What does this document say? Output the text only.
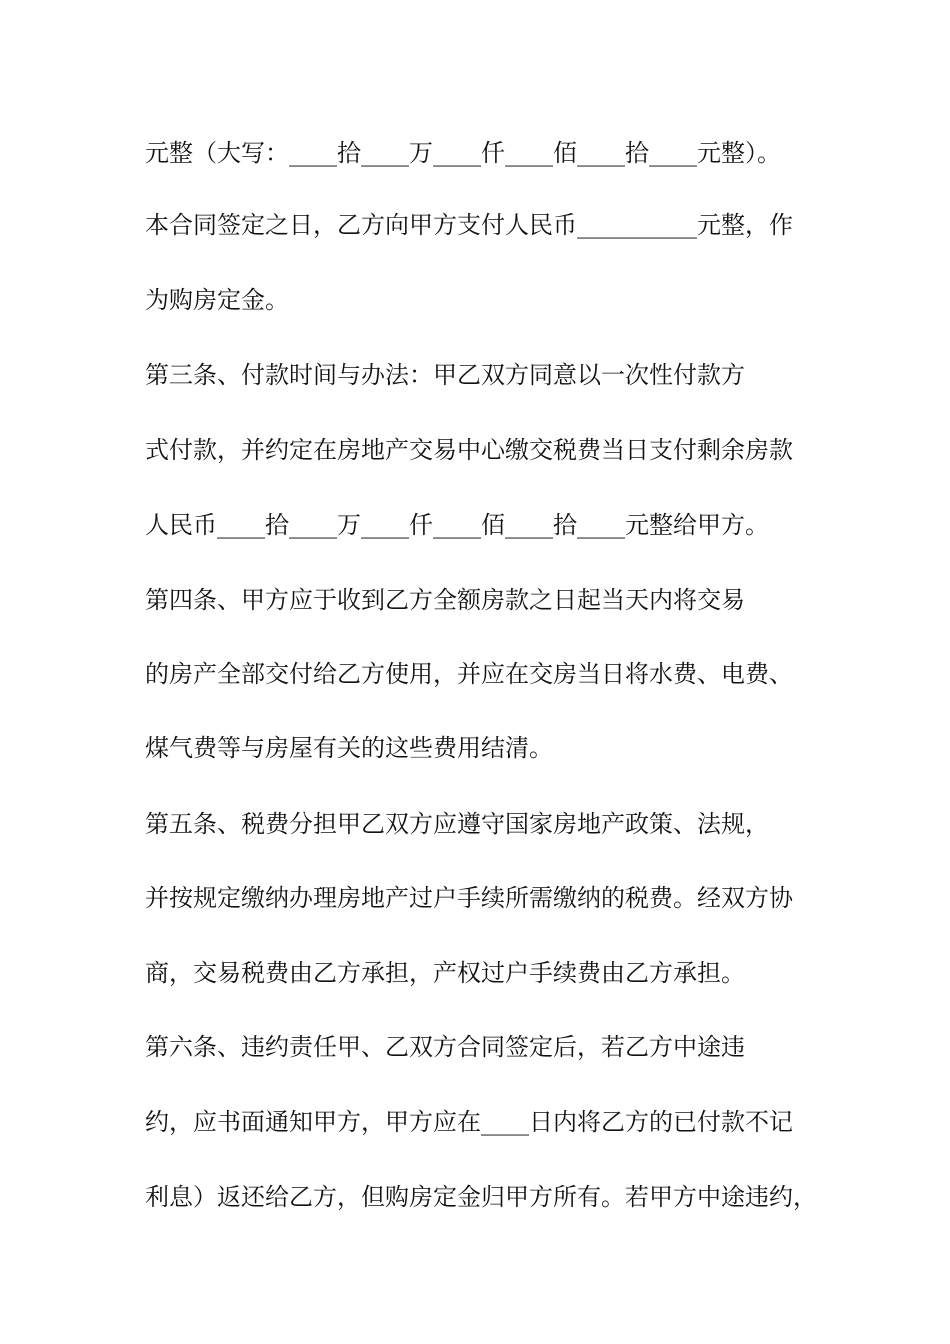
元整（大写：____拾____万____仟____佰____拾____元整）。
本合同签定之日，乙方向甲方支付人民币__________元整，作
为购房定金。
第三条、付款时间与办法：甲乙双方同意以一次性付款方
式付款，并约定在房地产交易中心缴交税费当日支付剩余房款
人民币____拾____万____仟____佰____拾____元整给甲方。
第四条、甲方应于收到乙方全额房款之日起当天内将交易
的房产全部交付给乙方使用，并应在交房当日将水费、电费、
煤气费等与房屋有关的这些费用结清。
第五条、税费分担甲乙双方应遵守国家房地产政策、法规，
并按规定缴纳办理房地产过户手续所需缴纳的税费。经双方协
商，交易税费由乙方承担，产权过户手续费由乙方承担。
第六条、违约责任甲、乙双方合同签定后，若乙方中途违
约，应书面通知甲方，甲方应在____日内将乙方的已付款不记
利息）返还给乙方，但购房定金归甲方所有。若甲方中途违约，
